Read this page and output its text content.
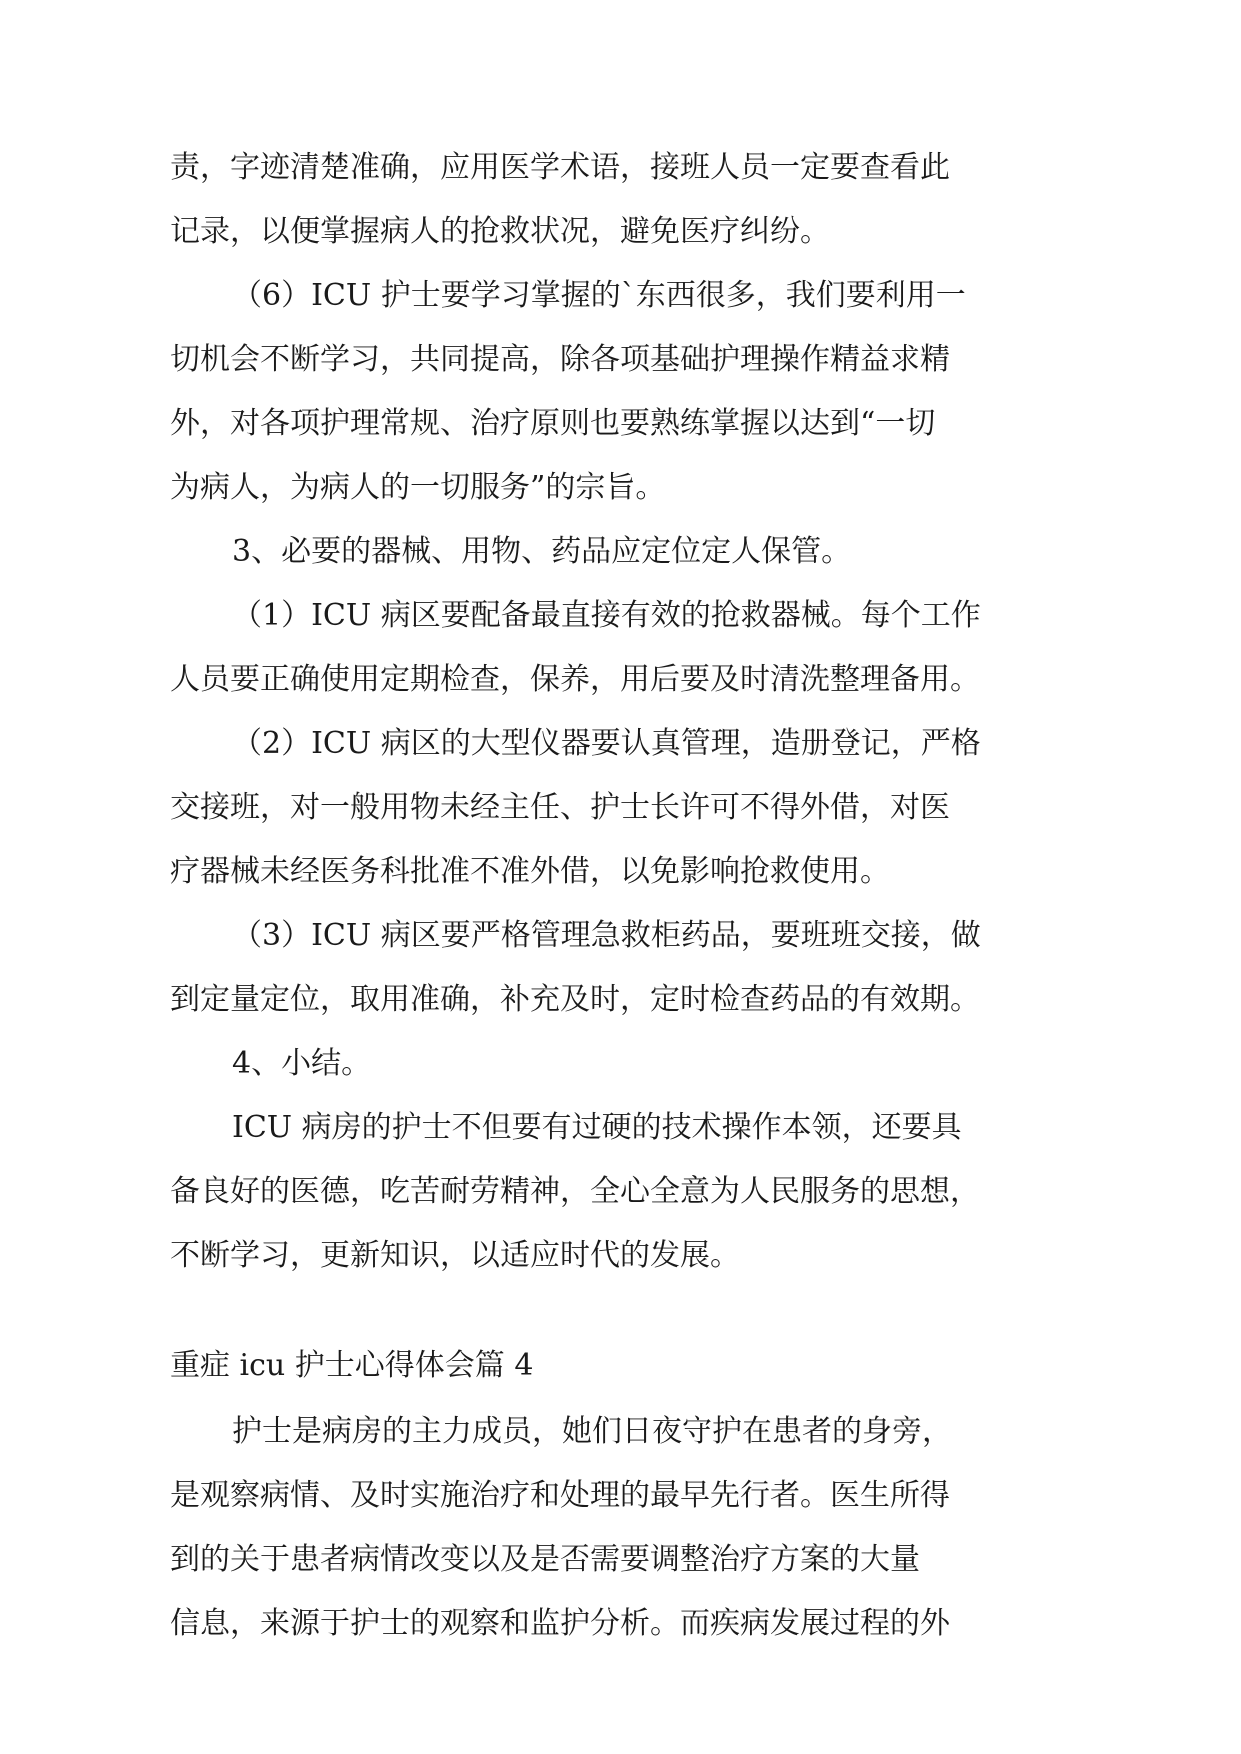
责，字迹清楚准确，应用医学术语，接班人员一定要查看此
记录，以便掌握病人的抢救状况，避免医疗纠纷。
（6）ICU 护士要学习掌握的`东西很多，我们要利用一
切机会不断学习，共同提高，除各项基础护理操作精益求精
外，对各项护理常规、治疗原则也要熟练掌握以达到“一切
为病人，为病人的一切服务”的宗旨。
3、必要的器械、用物、药品应定位定人保管。
（1）ICU 病区要配备最直接有效的抢救器械。每个工作
人员要正确使用定期检查，保养，用后要及时清洗整理备用。
（2）ICU 病区的大型仪器要认真管理，造册登记，严格
交接班，对一般用物未经主任、护士长许可不得外借，对医
疗器械未经医务科批准不准外借，以免影响抢救使用。
（3）ICU 病区要严格管理急救柜药品，要班班交接，做
到定量定位，取用准确，补充及时，定时检查药品的有效期。
4、小结。
ICU 病房的护士不但要有过硬的技术操作本领，还要具
备良好的医德，吃苦耐劳精神，全心全意为人民服务的思想，
不断学习，更新知识，以适应时代的发展。
重症 icu 护士心得体会篇 4
护士是病房的主力成员，她们日夜守护在患者的身旁，
是观察病情、及时实施治疗和处理的最早先行者。医生所得
到的关于患者病情改变以及是否需要调整治疗方案的大量
信息，来源于护士的观察和监护分析。而疾病发展过程的外
